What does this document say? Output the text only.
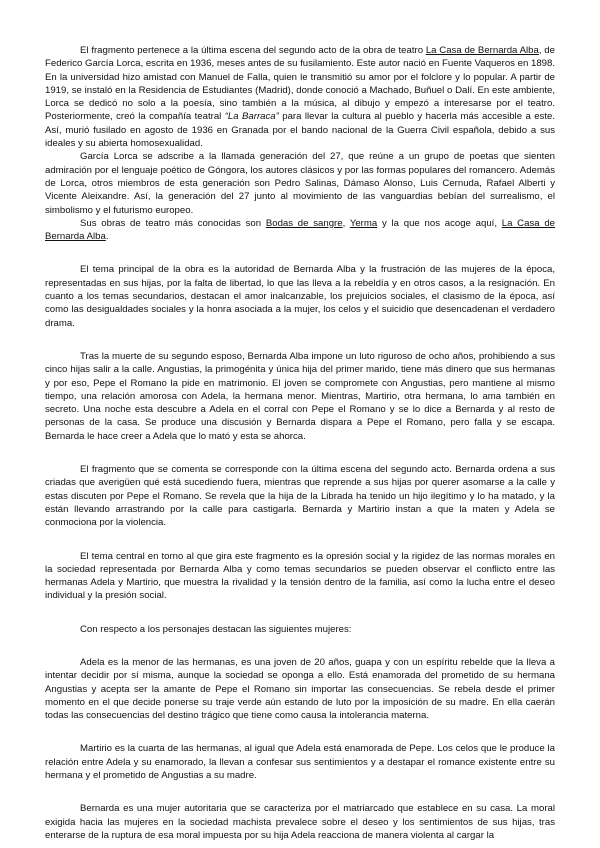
El fragmento pertenece a la última escena del segundo acto de la obra de teatro La Casa de Bernarda Alba, de Federico García Lorca, escrita en 1936, meses antes de su fusilamiento. Este autor nació en Fuente Vaqueros en 1898. En la universidad hizo amistad con Manuel de Falla, quien le transmitió su amor por el folclore y lo popular. A partir de 1919, se instaló en la Residencia de Estudiantes (Madrid), donde conoció a Machado, Buñuel o Dalí. En este ambiente, Lorca se dedicó no solo a la poesía, sino también a la música, al dibujo y empezó a interesarse por el teatro. Posteriormente, creó la compañía teatral “La Barraca” para llevar la cultura al pueblo y hacerla más accesible a este. Así, murió fusilado en agosto de 1936 en Granada por el bando nacional de la Guerra Civil española, debido a sus ideales y su abierta homosexualidad.

García Lorca se adscribe a la llamada generación del 27, que reúne a un grupo de poetas que sienten admiración por el lenguaje poético de Góngora, los autores clásicos y por las formas populares del romancero. Además de Lorca, otros miembros de esta generación son Pedro Salinas, Dámaso Alonso, Luis Cernuda, Rafael Alberti y Vicente Aleixandre. Así, la generación del 27 junto al movimiento de las vanguardias bebían del surrealismo, el simbolismo y el futurismo europeo.

Sus obras de teatro más conocidas son Bodas de sangre, Yerma y la que nos acoge aquí, La Casa de Bernarda Alba.

El tema principal de la obra es la autoridad de Bernarda Alba y la frustración de las mujeres de la época, representadas en sus hijas, por la falta de libertad, lo que las lleva a la rebeldía y en otros casos, a la resignación. En cuanto a los temas secundarios, destacan el amor inalcanzable, los prejuicios sociales, el clasismo de la época, así como las desigualdades sociales y la honra asociada a la mujer, los celos y el suicidio que desencadenan el verdadero drama.

Tras la muerte de su segundo esposo, Bernarda Alba impone un luto riguroso de ocho años, prohibiendo a sus cinco hijas salir a la calle. Angustias, la primogénita y única hija del primer marido, tiene más dinero que sus hermanas y por eso, Pepe el Romano la pide en matrimonio. El joven se compromete con Angustias, pero mantiene al mismo tiempo, una relación amorosa con Adela, la hermana menor. Mientras, Martirio, otra hermana, lo ama también en secreto. Una noche esta descubre a Adela en el corral con Pepe el Romano y se lo dice a Bernarda y al resto de personas de la casa. Se produce una discusión y Bernarda dispara a Pepe el Romano, pero falla y se escapa. Bernarda le hace creer a Adela que lo mató y esta se ahorca.

El fragmento que se comenta se corresponde con la última escena del segundo acto. Bernarda ordena a sus criadas que averigüen qué está sucediendo fuera, mientras que reprende a sus hijas por querer asomarse a la calle y estas discuten por Pepe el Romano. Se revela que la hija de la Librada ha tenido un hijo ilegítimo y lo ha matado, y la están llevando arrastrando por la calle para castigarla. Bernarda y Martirio instan a que la maten y Adela se conmociona por la violencia.

El tema central en torno al que gira este fragmento es la opresión social y la rigidez de las normas morales en la sociedad representada por Bernarda Alba y como temas secundarios se pueden observar el conflicto entre las hermanas Adela y Martirio, que muestra la rivalidad y la tensión dentro de la familia, así como la lucha entre el deseo individual y la presión social.

Con respecto a los personajes destacan las siguientes mujeres:

Adela es la menor de las hermanas, es una joven de 20 años, guapa y con un espíritu rebelde que la lleva a intentar decidir por sí misma, aunque la sociedad se oponga a ello. Está enamorada del prometido de su hermana Angustias y acepta ser la amante de Pepe el Romano sin importar las consecuencias. Se rebela desde el primer momento en el que decide ponerse su traje verde aún estando de luto por la imposición de su madre. En ella caerán todas las consecuencias del destino trágico que tiene como causa la intolerancia materna.

Martirio es la cuarta de las hermanas, al igual que Adela está enamorada de Pepe. Los celos que le produce la relación entre Adela y su enamorado, la llevan a confesar sus sentimientos y a destapar el romance existente entre su hermana y el prometido de Angustias a su madre.

Bernarda es una mujer autoritaria que se caracteriza por el matriarcado que establece en su casa. La moral exigida hacia las mujeres en la sociedad machista prevalece sobre el deseo y los sentimientos de sus hijas, tras enterarse de la ruptura de esa moral impuesta por su hija Adela reacciona de manera violenta al cargar la
